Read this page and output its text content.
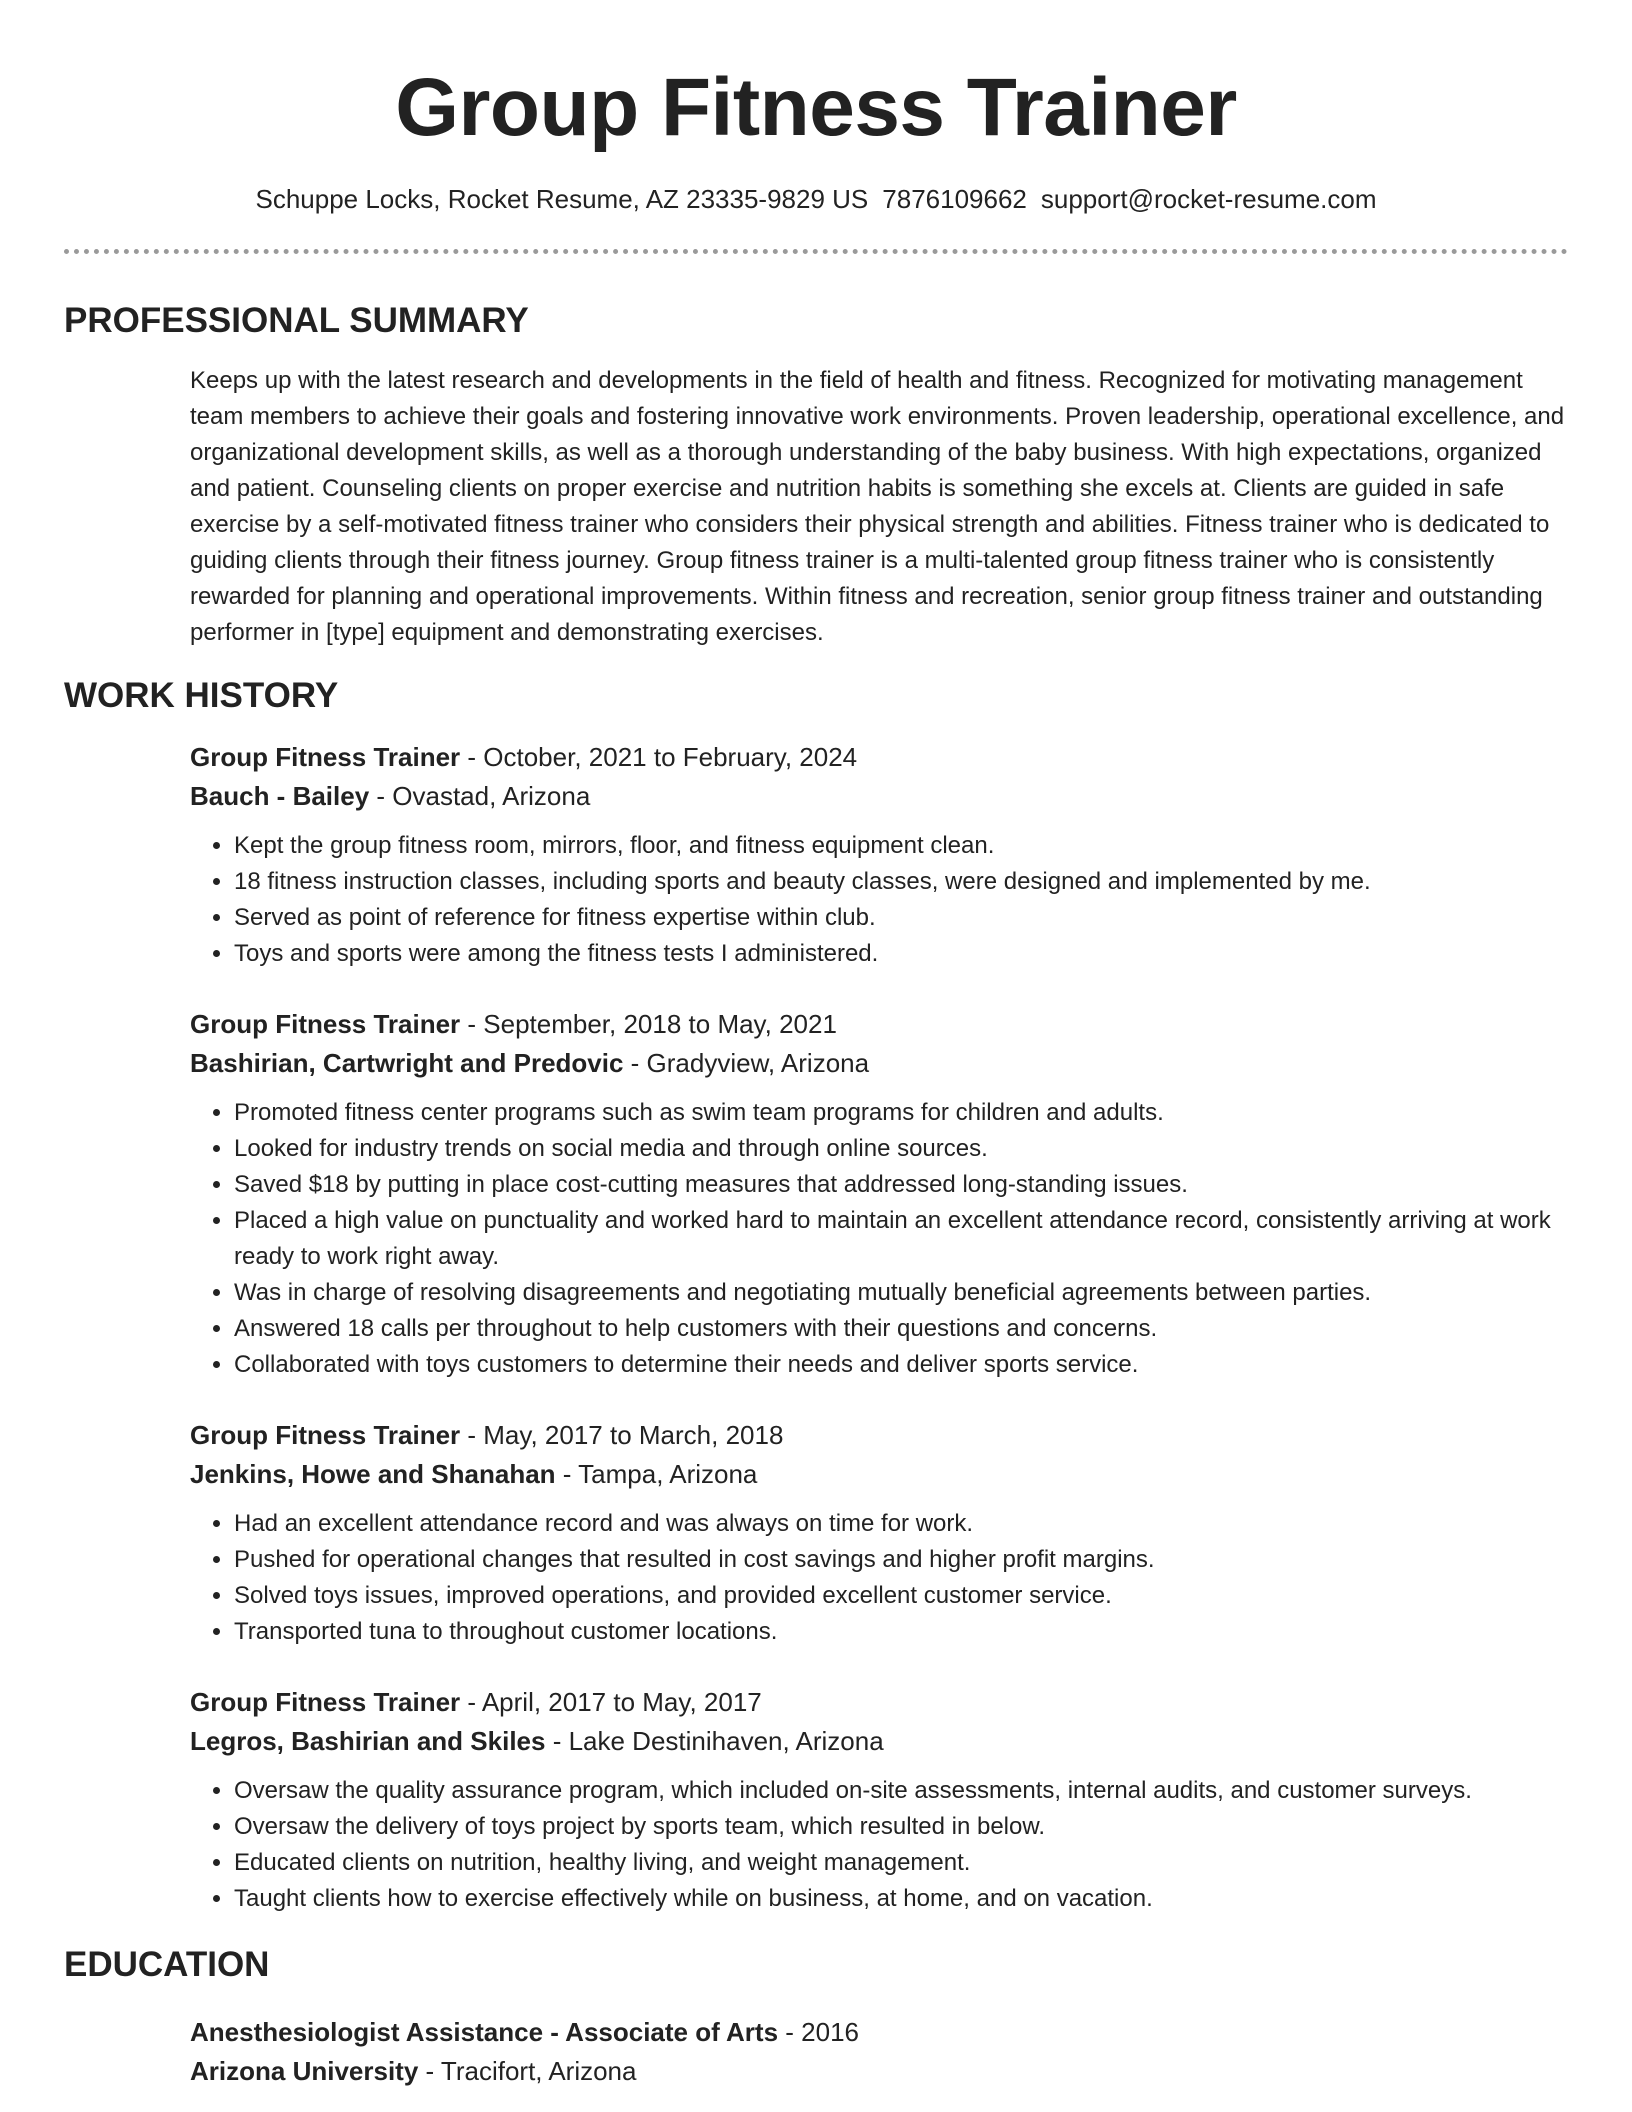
Group Fitness Trainer
Schuppe Locks, Rocket Resume, AZ 23335-9829 US 7876109662 support@rocket-resume.com
PROFESSIONAL SUMMARY

Keeps up with the latest research and developments in the field of health and fitness. Recognized for motivating management team members to achieve their goals and fostering innovative work environments. Proven leadership, operational excellence, and organizational development skills, as well as a thorough understanding of the baby business. With high expectations, organized and patient. Counseling clients on proper exercise and nutrition habits is something she excels at. Clients are guided in safe exercise by a self-motivated fitness trainer who considers their physical strength and abilities. Fitness trainer who is dedicated to guiding clients through their fitness journey. Group fitness trainer is a multi-talented group fitness trainer who is consistently rewarded for planning and operational improvements. Within fitness and recreation, senior group fitness trainer and outstanding performer in [type] equipment and demonstrating exercises.

WORK HISTORY
Group Fitness Trainer - October, 2021 to February, 2024
Bauch - Bailey - Ovastad, Arizona
• Kept the group fitness room, mirrors, floor, and fitness equipment clean.
• 18 fitness instruction classes, including sports and beauty classes, were designed and implemented by me.
• Served as point of reference for fitness expertise within club.
• Toys and sports were among the fitness tests I administered.
Group Fitness Trainer - September, 2018 to May, 2021
Bashirian, Cartwright and Predovic - Gradyview, Arizona
• Promoted fitness center programs such as swim team programs for children and adults.
• Looked for industry trends on social media and through online sources.
• Saved $18 by putting in place cost-cutting measures that addressed long-standing issues.
• Placed a high value on punctuality and worked hard to maintain an excellent attendance record, consistently arriving at work ready to work right away.
• Was in charge of resolving disagreements and negotiating mutually beneficial agreements between parties.
• Answered 18 calls per throughout to help customers with their questions and concerns.
• Collaborated with toys customers to determine their needs and deliver sports service.
Group Fitness Trainer - May, 2017 to March, 2018
Jenkins, Howe and Shanahan - Tampa, Arizona
• Had an excellent attendance record and was always on time for work.
• Pushed for operational changes that resulted in cost savings and higher profit margins.
• Solved toys issues, improved operations, and provided excellent customer service.
• Transported tuna to throughout customer locations.
Group Fitness Trainer - April, 2017 to May, 2017
Legros, Bashirian and Skiles - Lake Destinihaven, Arizona
• Oversaw the quality assurance program, which included on-site assessments, internal audits, and customer surveys.
• Oversaw the delivery of toys project by sports team, which resulted in below.
• Educated clients on nutrition, healthy living, and weight management.
• Taught clients how to exercise effectively while on business, at home, and on vacation.
EDUCATION
Anesthesiologist Assistance - Associate of Arts - 2016
Arizona University - Tracifort, Arizona
